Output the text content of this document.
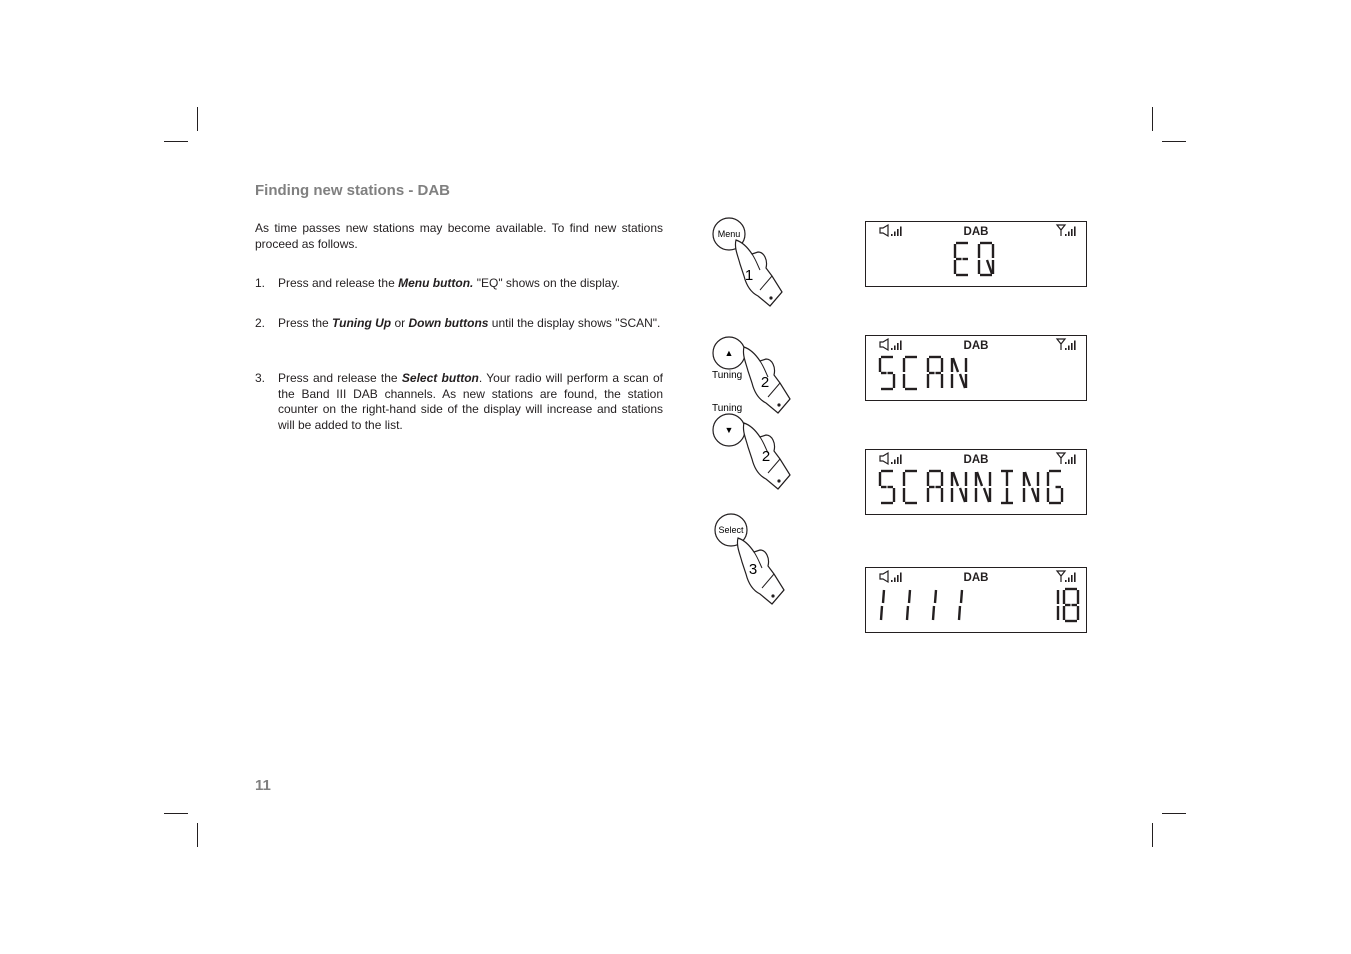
Finding new stations - DAB

As time passes new stations may become available. To find new stations proceed as follows.

1. Press and release the Menu button. "EQ" shows on the display.
2. Press the Tuning Up or Down buttons until the display shows "SCAN".
3. Press and release the Select button. Your radio will perform a scan of the Band III DAB channels. As new stations are found, the station counter on the right-hand side of the display will increase and stations will be added to the list.
11
Menu
1
▲
Tuning 2
Tuning
▼
2
Select
3
DAB
DAB
DAB
DAB
